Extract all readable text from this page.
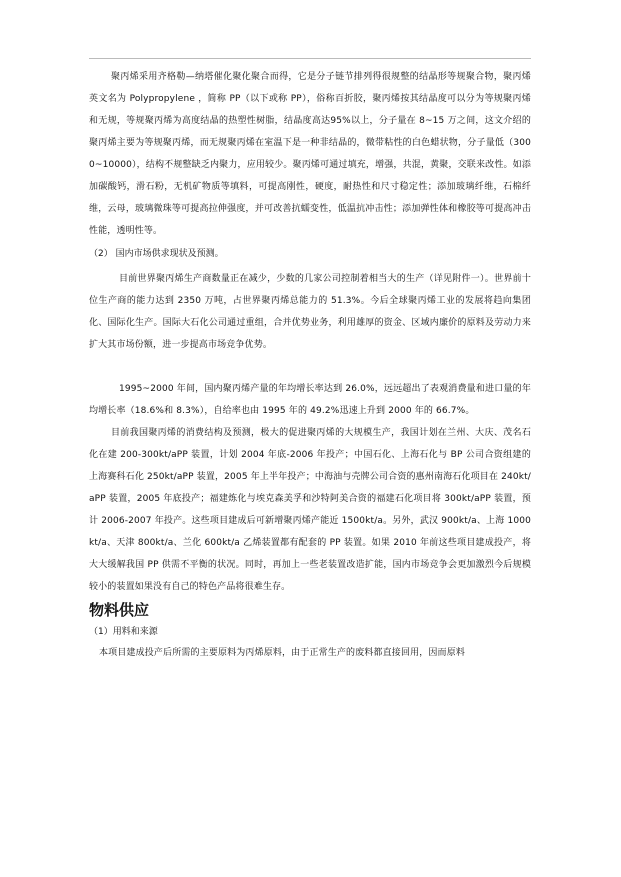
聚丙烯采用齐格勒—纳塔催化聚化聚合而得，它是分子链节排列得很规整的结晶形等规聚合物，聚丙烯英文名为 Polypropylene ，简称 PP（以下或称 PP），俗称百折胶，聚丙烯按其结晶度可以分为等规聚丙烯和无规，等规聚丙烯为高度结晶的热塑性树脂，结晶度高达95%以上，分子量在 8~15 万之间，这文介绍的聚丙烯主要为等规聚丙烯，而无规聚丙烯在室温下是一种非结晶的，微带粘性的白色蜡状物，分子量低（3000~10000），结构不规整缺乏内聚力，应用较少。聚丙烯可通过填充，增强，共混，黄聚，交联来改性。如添加碳酸钙，滑石粉，无机矿物质等填料，可提高刚性，硬度，耐热性和尺寸稳定性；添加玻璃纤维，石棉纤维，云母，玻璃微珠等可提高拉伸强度，并可改善抗蠕变性，低温抗冲击性；添加弹性体和橡胶等可提高冲击性能，透明性等。

（2） 国内市场供求现状及预测。

目前世界聚丙烯生产商数量正在减少，少数的几家公司控制着相当大的生产（详见附件一）。世界前十位生产商的能力达到 2350 万吨，占世界聚丙烯总能力的 51.3%。今后全球聚丙烯工业的发展将趋向集团化、国际化生产。国际大石化公司通过重组，合并优势业务，利用雄厚的资金、区域内廉价的原料及劳动力来扩大其市场份额，进一步提高市场竞争优势。

1995~2000 年间，国内聚丙烯产量的年均增长率达到 26.0%，远远超出了表观消费量和进口量的年均增长率（18.6%和 8.3%），自给率也由 1995 年的 49.2%迅速上升到 2000 年的 66.7%。

目前我国聚丙烯的消费结构及预测，极大的促进聚丙烯的大规模生产，我国计划在兰州、大庆、茂名石化在建 200-300kt/aPP 装置，计划 2004 年底-2006 年投产；中国石化、上海石化与 BP 公司合资组建的上海赛科石化 250kt/aPP 装置，2005 年上半年投产；中海油与壳牌公司合资的惠州南海石化项目在 240kt/aPP 装置，2005 年底投产；福建炼化与埃克森美孚和沙特阿美合资的福建石化项目将 300kt/aPP 装置，预计 2006-2007 年投产。这些项目建成后可新增聚丙烯产能近 1500kt/a。另外，武汉 900kt/a、上海 1000kt/a、天津 800kt/a、兰化 600kt/a 乙烯装置都有配套的 PP 装置。如果 2010 年前这些项目建成投产，将大大缓解我国 PP 供需不平衡的状况。同时，再加上一些老装置改造扩能，国内市场竞争会更加激烈今后规模较小的装置如果没有自己的特色产品将很难生存。

物料供应

（1）用料和来源

本项目建成投产后所需的主要原料为丙烯原料，由于正常生产的废料都直接回用，因而原料
